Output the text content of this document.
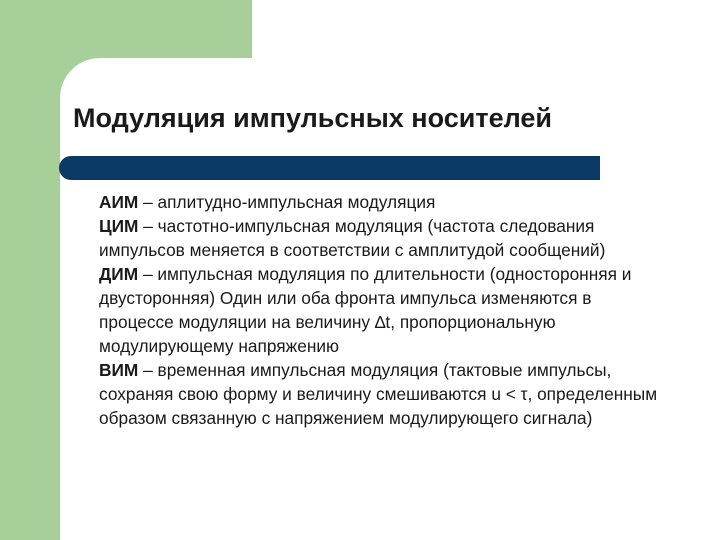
Модуляция импульсных носителей

АИМ – аплитудно-импульсная модуляция

ЦИМ – частотно-импульсная модуляция (частота следования импульсов меняется в соответствии с амплитудой сообщений)

ДИМ – импульсная модуляция по длительности (односторонняя и двусторонняя) Один или оба фронта импульса изменяются в процессе модуляции на величину ∆t, пропорциональную модулирующему напряжению

ВИМ – временная импульсная модуляция (тактовые импульсы, сохраняя свою форму и величину смешиваются u < τ, определенным образом связанную с напряжением модулирующего сигнала)
